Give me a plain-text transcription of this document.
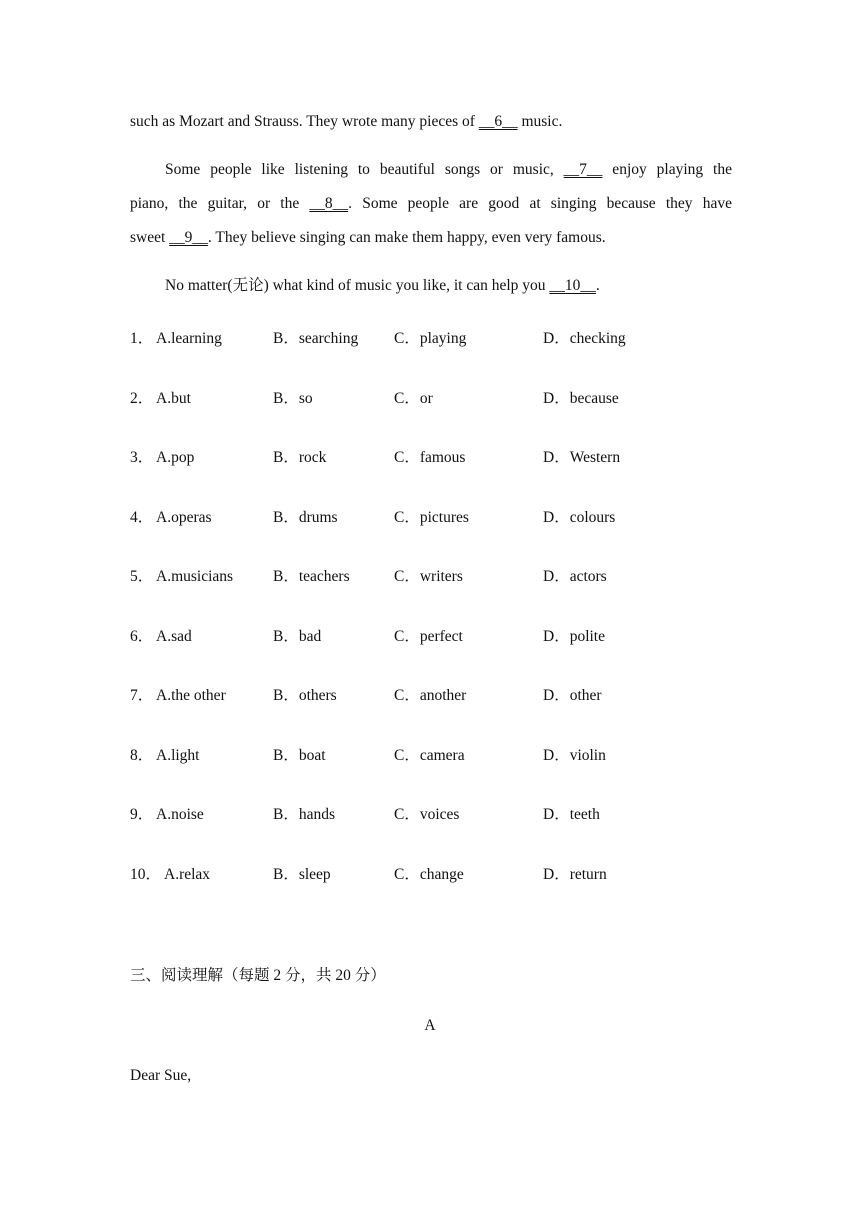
such as Mozart and Strauss. They wrote many pieces of __6__ music.
Some people like listening to beautiful songs or music, __7__ enjoy playing the
piano, the guitar, or the __8__. Some people are good at singing because they have
sweet __9__. They believe singing can make them happy, even very famous.
No matter(无论) what kind of music you like, it can help you __10__.
1． A.learning	B．searching C．playing	D．checking
2． A.but	B．so	C．or	D．because
3． A.pop	B．rock	C．famous	D．Western
4． A.operas	B．drums	C．pictures	D．colours
5． A.musicians	B．teachers	C．writers	D．actors
6． A.sad	B．bad	C．perfect	D．polite
7． A.the other	B．others	C．another	D．other
8． A.light	B．boat	C．camera	D．violin
9． A.noise	B．hands	C．voices	D．teeth
10． A.relax	B．sleep	C．change	D．return
三、阅读理解（每题 2 分，共 20 分）
A
Dear Sue,
